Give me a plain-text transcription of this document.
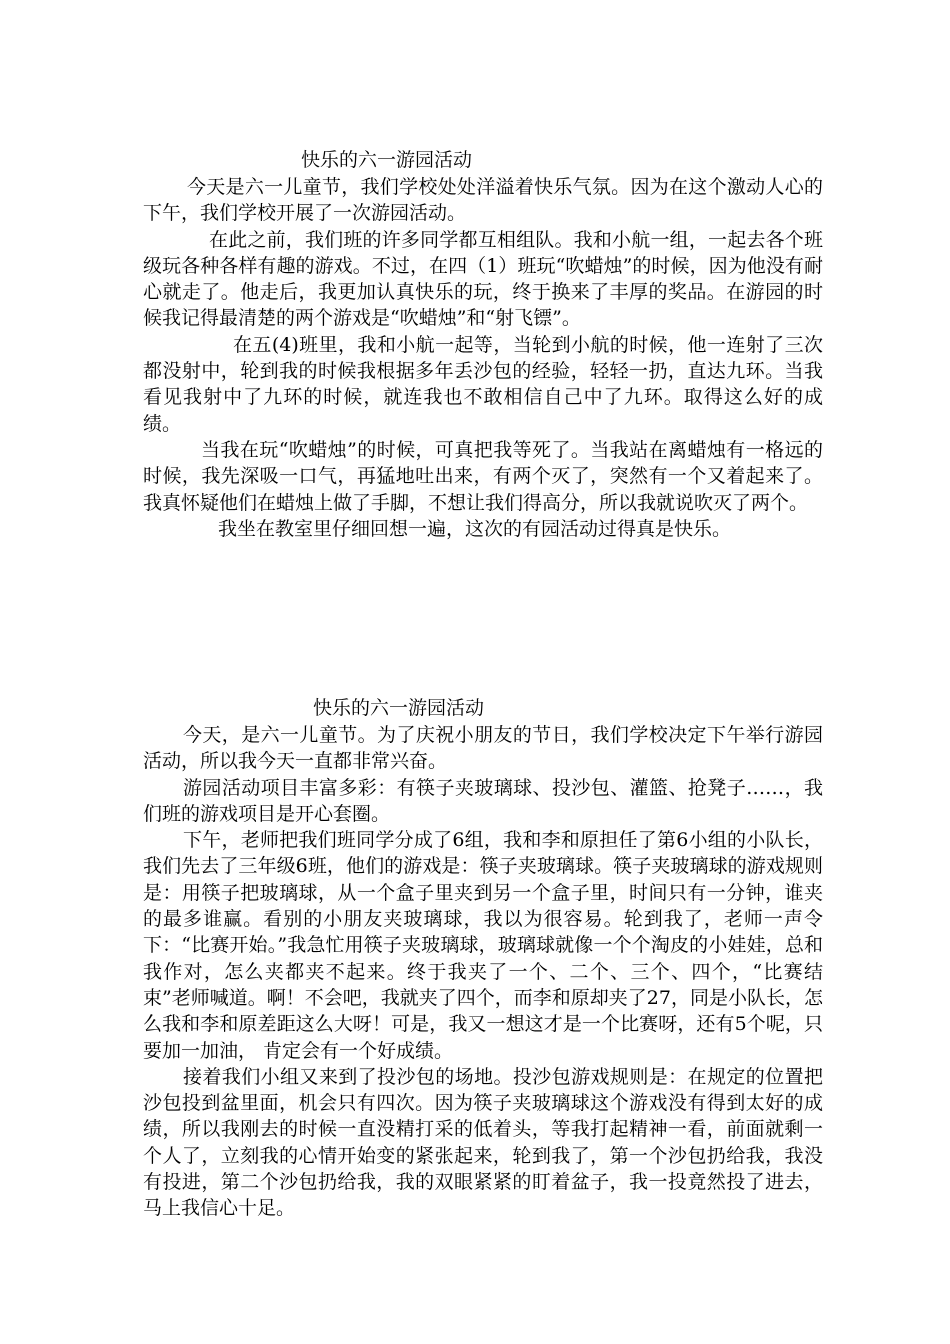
快乐的六一游园活动

今天是六一儿童节，我们学校处处洋溢着快乐气氛。因为在这个激动人心的下午，我们学校开展了一次游园活动。

在此之前，我们班的许多同学都互相组队。我和小航一组，一起去各个班级玩各种各样有趣的游戏。不过，在四（1）班玩“吹蜡烛”的时候，因为他没有耐心就走了。他走后，我更加认真快乐的玩，终于换来了丰厚的奖品。在游园的时候我记得最清楚的两个游戏是“吹蜡烛”和“射飞镖”。

在五(4)班里，我和小航一起等，当轮到小航的时候，他一连射了三次都没射中，轮到我的时候我根据多年丢沙包的经验，轻轻一扔，直达九环。当我看见我射中了九环的时候，就连我也不敢相信自己中了九环。取得这么好的成绩。

当我在玩“吹蜡烛”的时候，可真把我等死了。当我站在离蜡烛有一格远的时候，我先深吸一口气，再猛地吐出来，有两个灭了，突然有一个又着起来了。我真怀疑他们在蜡烛上做了手脚，不想让我们得高分，所以我就说吹灭了两个。

我坐在教室里仔细回想一遍，这次的有园活动过得真是快乐。

快乐的六一游园活动

今天，是六一儿童节。为了庆祝小朋友的节日，我们学校决定下午举行游园活动，所以我今天一直都非常兴奋。

游园活动项目丰富多彩：有筷子夹玻璃球、投沙包、灌篮、抢凳子……，我们班的游戏项目是开心套圈。

下午，老师把我们班同学分成了6组，我和李和原担任了第6小组的小队长，我们先去了三年级6班，他们的游戏是：筷子夹玻璃球。筷子夹玻璃球的游戏规则是：用筷子把玻璃球，从一个盒子里夹到另一个盒子里，时间只有一分钟，谁夹的最多谁赢。看别的小朋友夹玻璃球，我以为很容易。轮到我了，老师一声令下：“比赛开始。”我急忙用筷子夹玻璃球，玻璃球就像一个个淘皮的小娃娃，总和我作对，怎么夹都夹不起来。终于我夹了一个、二个、三个、四个，“比赛结束”老师喊道。啊！不会吧，我就夹了四个，而李和原却夹了27，同是小队长，怎么我和李和原差距这么大呀！可是，我又一想这才是一个比赛呀，还有5个呢，只要加一加油， 肯定会有一个好成绩。

接着我们小组又来到了投沙包的场地。投沙包游戏规则是：在规定的位置把沙包投到盆里面，机会只有四次。因为筷子夹玻璃球这个游戏没有得到太好的成绩，所以我刚去的时候一直没精打采的低着头，等我打起精神一看，前面就剩一个人了，立刻我的心情开始变的紧张起来，轮到我了，第一个沙包扔给我，我没有投进，第二个沙包扔给我，我的双眼紧紧的盯着盆子，我一投竟然投了进去，马上我信心十足。
